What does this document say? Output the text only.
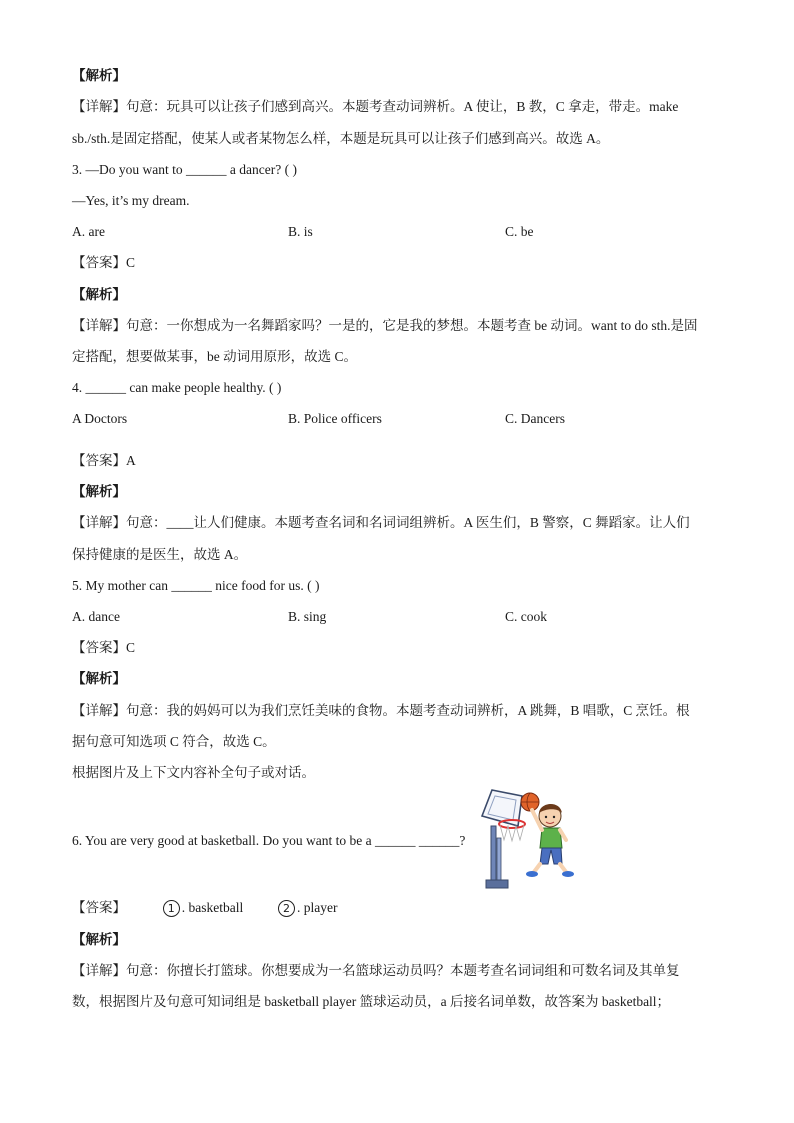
【解析】
【详解】句意：玩具可以让孩子们感到高兴。本题考查动词辨析。A 使让，B 教，C 拿走，带走。make
sb./sth.是固定搭配，使某人或者某物怎么样，本题是玩具可以让孩子们感到高兴。故选 A。
3. —Do you want to ______ a dancer? ( )
—Yes, it’s my dream.
A. are	B. is	C. be
【答案】C
【解析】
【详解】句意：一你想成为一名舞蹈家吗？一是的，它是我的梦想。本题考查 be 动词。want to do sth.是固
定搭配，想要做某事，be 动词用原形，故选 C。
4. ______ can make people healthy. ( )
A Doctors	B. Police officers	C. Dancers
【答案】A
【解析】
【详解】句意：____让人们健康。本题考查名词和名词词组辨析。A 医生们，B 警察，C 舞蹈家。让人们
保持健康的是医生，故选 A。
5. My mother can ______ nice food for us. ( )
A. dance	B. sing	C. cook
【答案】C
【解析】
【详解】句意：我的妈妈可以为我们烹饪美味的食物。本题考查动词辨析，A 跳舞，B 唱歌，C 烹饪。根
据句意可知选项 C 符合，故选 C。
根据图片及上下文内容补全句子或对话。
6. You are very good at basketball. Do you want to be a ______ ______?
【答案】	1 . basketball	2 . player
【解析】
【详解】句意：你擅长打篮球。你想要成为一名篮球运动员吗？本题考查名词词组和可数名词及其单复
数，根据图片及句意可知词组是 basketball player 篮球运动员，a 后接名词单数，故答案为 basketball；
